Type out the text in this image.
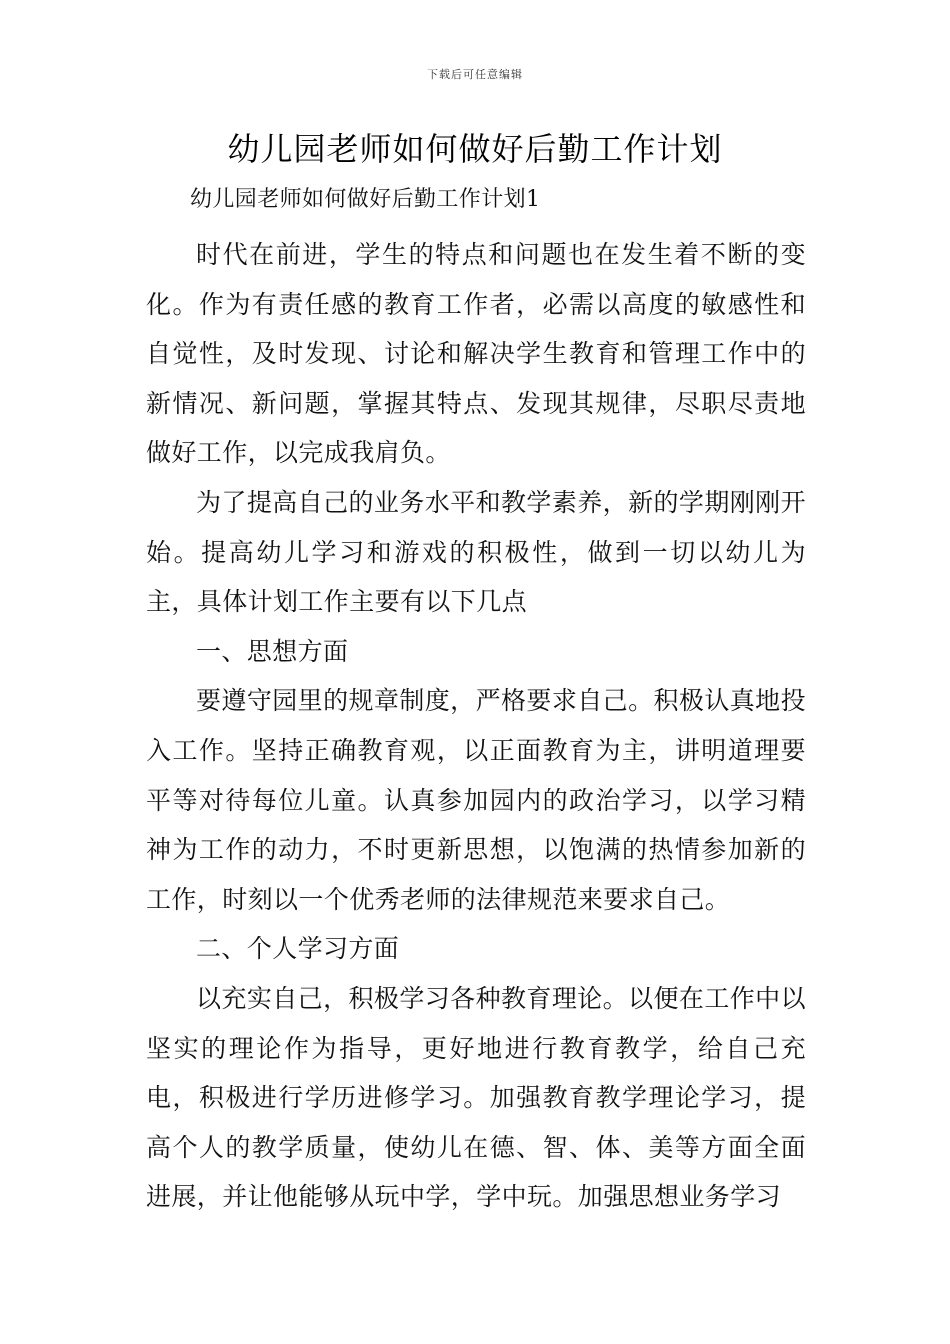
下载后可任意编辑
幼儿园老师如何做好后勤工作计划

幼儿园老师如何做好后勤工作计划1

时代在前进，学生的特点和问题也在发生着不断的变化。作为有责任感的教育工作者，必需以高度的敏感性和自觉性，及时发现、讨论和解决学生教育和管理工作中的新情况、新问题，掌握其特点、发现其规律，尽职尽责地做好工作，以完成我肩负。

为了提高自己的业务水平和教学素养，新的学期刚刚开始。提高幼儿学习和游戏的积极性，做到一切以幼儿为主，具体计划工作主要有以下几点

一、思想方面

要遵守园里的规章制度，严格要求自己。积极认真地投入工作。坚持正确教育观，以正面教育为主，讲明道理要平等对待每位儿童。认真参加园内的政治学习，以学习精神为工作的动力，不时更新思想，以饱满的热情参加新的工作，时刻以一个优秀老师的法律规范来要求自己。

二、个人学习方面

以充实自己，积极学习各种教育理论。以便在工作中以坚实的理论作为指导，更好地进行教育教学，给自己充电，积极进行学历进修学习。加强教育教学理论学习，提高个人的教学质量，使幼儿在德、智、体、美等方面全面进展，并让他能够从玩中学，学中玩。加强思想业务学习
